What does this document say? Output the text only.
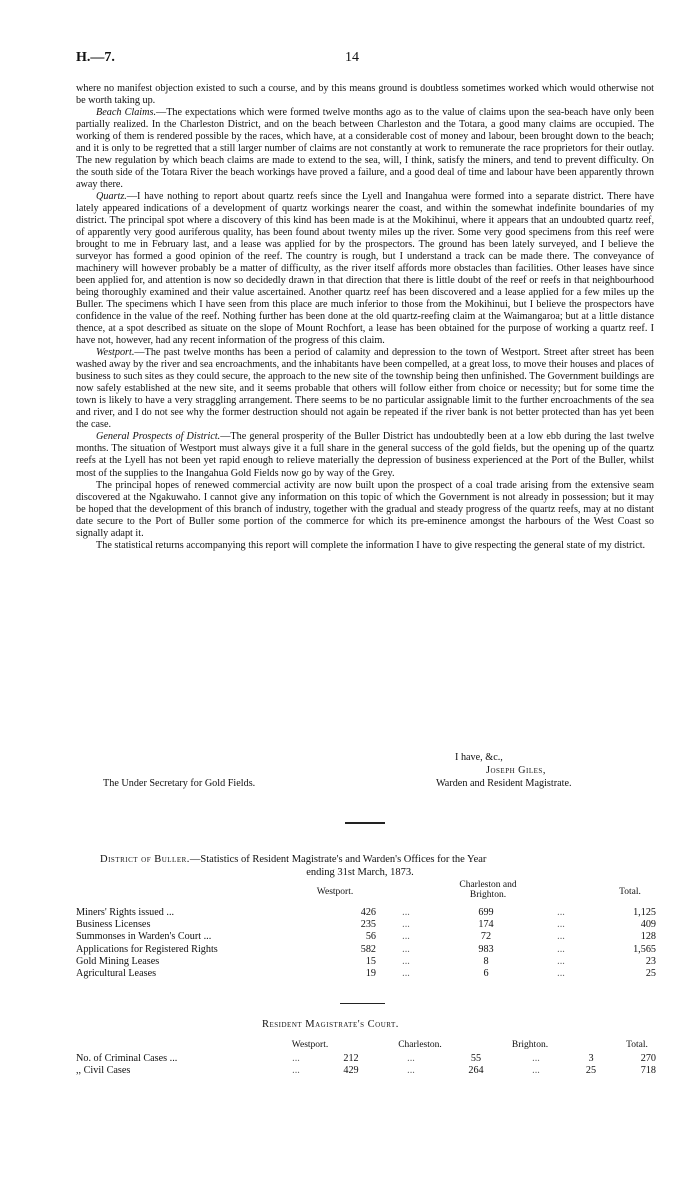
H.—7.	14

where no manifest objection existed to such a course, and by this means ground is doubtless sometimes worked which would otherwise not be worth taking up.

Beach Claims.—The expectations which were formed twelve months ago as to the value of claims upon the sea-beach have only been partially realized. In the Charleston District, and on the beach between Charleston and the Totara, a good many claims are occupied. The working of them is rendered possible by the races, which have, at a considerable cost of money and labour, been brought down to the beach; and it is only to be regretted that a still larger number of claims are not constantly at work to remunerate the race proprietors for their outlay. The new regulation by which beach claims are made to extend to the sea, will, I think, satisfy the miners, and tend to prevent difficulty. On the south side of the Totara River the beach workings have proved a failure, and a good deal of time and labour have been apparently thrown away there.

Quartz.—I have nothing to report about quartz reefs since the Lyell and Inangahua were formed into a separate district. There have lately appeared indications of a development of quartz workings nearer the coast, and within the somewhat indefinite boundaries of my district. The principal spot where a discovery of this kind has been made is at the Mokihinui, where it appears that an undoubted quartz reef, of apparently very good auriferous quality, has been found about twenty miles up the river. Some very good specimens from this reef were brought to me in February last, and a lease was applied for by the prospectors. The ground has been lately surveyed, and I believe the surveyor has formed a good opinion of the reef. The country is rough, but I understand a track can be made there. The conveyance of machinery will however probably be a matter of difficulty, as the river itself affords more obstacles than facilities. Other leases have since been applied for, and attention is now so decidedly drawn in that direction that there is little doubt of the reef or reefs in that neighbourhood being thoroughly examined and their value ascertained. Another quartz reef has been discovered and a lease applied for a few miles up the Buller. The specimens which I have seen from this place are much inferior to those from the Mokihinui, but I believe the prospectors have confidence in the value of the reef. Nothing further has been done at the old quartz-reefing claim at the Waimangaroa; but at a little distance thence, at a spot described as situate on the slope of Mount Rochfort, a lease has been obtained for the purpose of working a quartz reef. I have not, however, had any recent information of the progress of this claim.

Westport.—The past twelve months has been a period of calamity and depression to the town of Westport. Street after street has been washed away by the river and sea encroachments, and the inhabitants have been compelled, at a great loss, to move their houses and places of business to such sites as they could secure, the approach to the new site of the township being then unfinished. The Government buildings are now safely established at the new site, and it seems probable that others will follow either from choice or necessity; but for some time the town is likely to have a very straggling arrangement. There seems to be no particular assignable limit to the further encroachments of the sea and river, and I do not see why the former destruction should not again be repeated if the river bank is not better protected than has yet been the case.

General Prospects of District.—The general prosperity of the Buller District has undoubtedly been at a low ebb during the last twelve months. The situation of Westport must always give it a full share in the general success of the gold fields, but the opening up of the quartz reefs at the Lyell has not been yet rapid enough to relieve materially the depression of business experienced at the Port of the Buller, whilst most of the supplies to the Inangahua Gold Fields now go by way of the Grey.

The principal hopes of renewed commercial activity are now built upon the prospect of a coal trade arising from the extensive seam discovered at the Ngakuwaho. I cannot give any information on this topic of which the Government is not already in possession; but it may be hoped that the development of this branch of industry, together with the gradual and steady progress of the quartz reefs, may at no distant date secure to the Port of Buller some portion of the commerce for which its pre-eminence amongst the harbours of the West Coast so signally adapt it.

The statistical returns accompanying this report will complete the information I have to give respecting the general state of my district.

I have, &c.,
Joseph Giles,
Warden and Resident Magistrate.
The Under Secretary for Gold Fields.
District of Buller.—Statistics of Resident Magistrate's and Warden's Offices for the Year
ending 31st March, 1873.
Westport.
Charleston and Brighton.	Total.
Miners' Rights issued ...	426	...	699	...	1,125
Business Licenses	235	...	174	...	409
Summonses in Warden's Court ...	56	...	72	...	128
Applications for Registered Rights	582	...	983	...	1,565
Gold Mining Leases	15	...	8	...	23
Agricultural Leases	19	...	6	...	25
Resident Magistrate's Court.
Westport.	Charleston.	Brighton.	Total.
No. of Criminal Cases ...	...	212	...	55	...	3	270
,, Civil Cases	...	429	...	264	...	25	718
